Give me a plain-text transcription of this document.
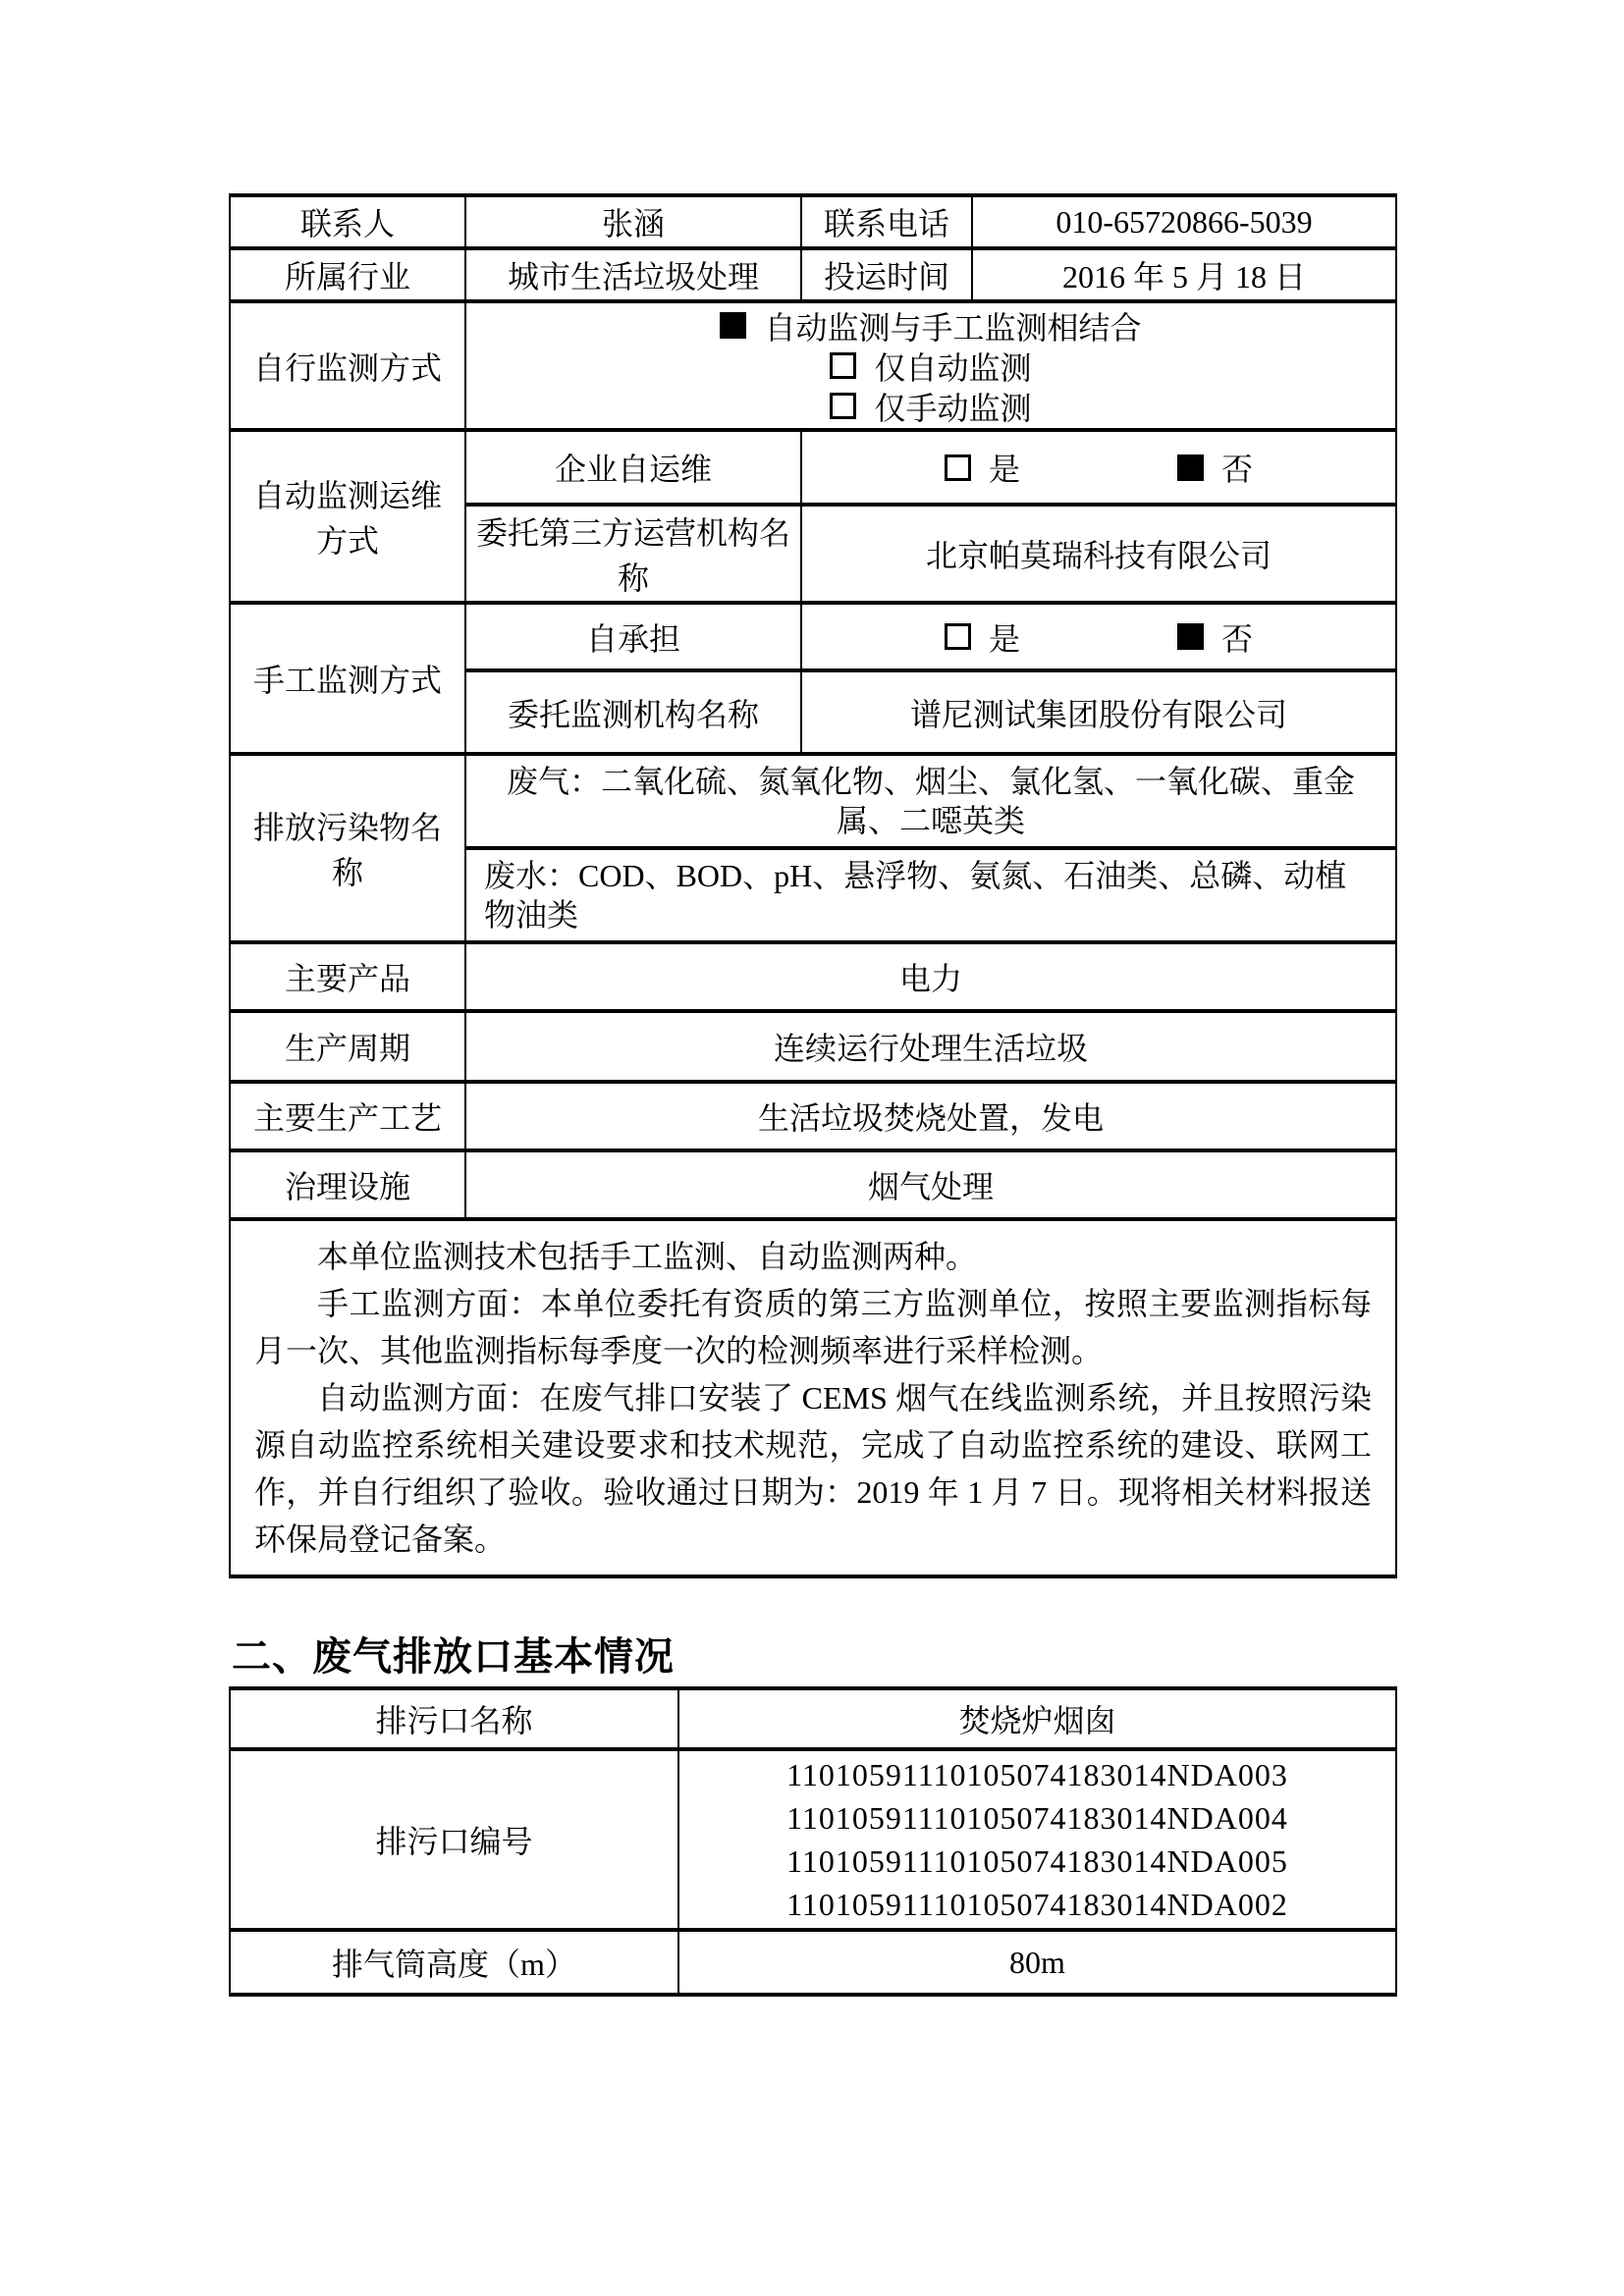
联系人	张涵	联系电话	010-65720866-5039
所属行业	城市生活垃圾处理	投运时间	2016 年 5 月 18 日
自行监测方式	自动监测与手工监测相结合
仅自动监测
仅手动监测		

自动监测运维方式	企业自运维	是 否	

	委托第三方运营机构名称	北京帕莫瑞科技有限公司	
手工监测方式	自承担	是 否	

	委托监测机构名称	谱尼测试集团股份有限公司	
排放污染物名称	废气：二氧化硫、氮氧化物、烟尘、氯化氢、一氧化碳、重金属、二噁英类		
	废水：COD、BOD、pH、悬浮物、氨氮、石油类、总磷、动植物油类		
主要产品	电力		
生产周期	连续运行处理生活垃圾		
主要生产工艺	生活垃圾焚烧处置，发电		
治理设施	烟气处理		

本单位监测技术包括手工监测、自动监测两种。

手工监测方面：本单位委托有资质的第三方监测单位，按照主要监测指标每月一次、其他监测指标每季度一次的检测频率进行采样检测。

自动监测方面：在废气排口安装了 CEMS 烟气在线监测系统，并且按照污染源自动监控系统相关建设要求和技术规范，完成了自动监控系统的建设、联网工作，并自行组织了验收。验收通过日期为：2019 年 1 月 7 日。现将相关材料报送环保局登记备案。			

二、废气排放口基本情况
排污口名称	焚烧炉烟囱
排污口编号	11010591110105074183014NDA003
11010591110105074183014NDA004
11010591110105074183014NDA005
11010591110105074183014NDA002

排气筒高度（m）	80m
